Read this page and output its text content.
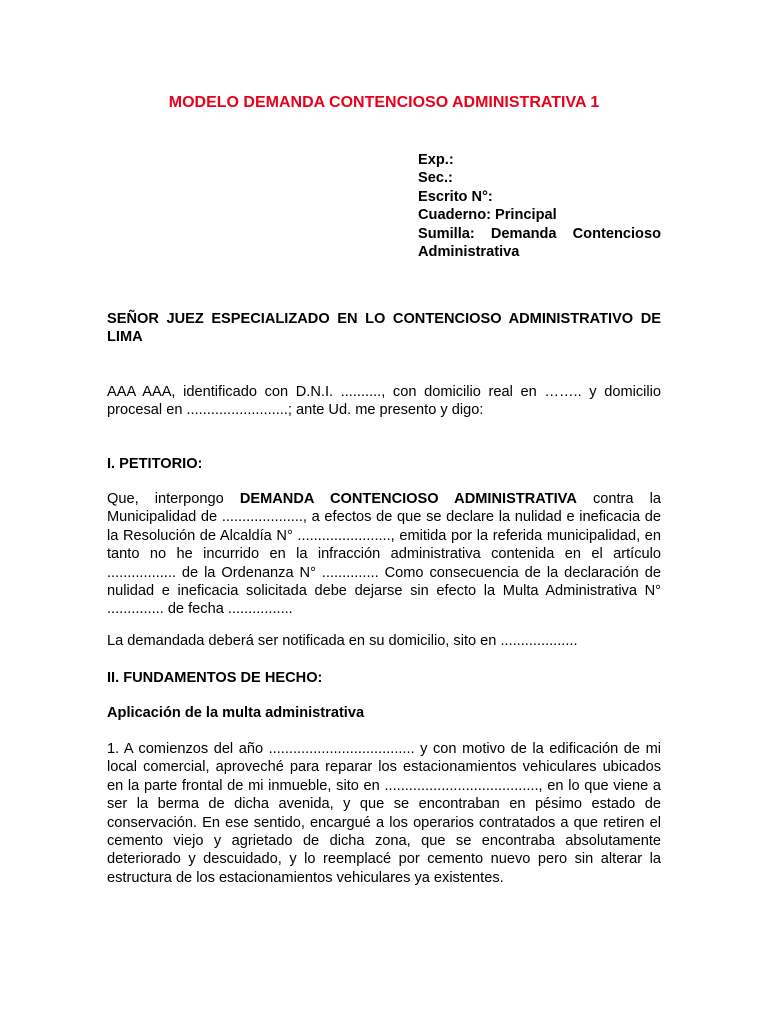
MODELO DEMANDA CONTENCIOSO ADMINISTRATIVA 1
Exp.:
Sec.:
Escrito N°:
Cuaderno: Principal
Sumilla: Demanda Contencioso
Administrativa
SEÑOR JUEZ ESPECIALIZADO EN LO CONTENCIOSO ADMINISTRATIVO DE LIMA
AAA AAA, identificado con D.N.I. .........., con domicilio real en …….. y domicilio procesal en .........................; ante Ud. me presento y digo:
I. PETITORIO:
Que, interpongo DEMANDA CONTENCIOSO ADMINISTRATIVA contra la Municipalidad de ...................., a efectos de que se declare la nulidad e ineficacia de la Resolución de Alcaldía N° ......................., emitida por la referida municipalidad, en tanto no he incurrido en la infracción administrativa contenida en el artículo ................. de la Ordenanza N° .............. Como consecuencia de la declaración de nulidad e ineficacia solicitada debe dejarse sin efecto la Multa Administrativa N° .............. de fecha ................
La demandada deberá ser notificada en su domicilio, sito en ...................
II. FUNDAMENTOS DE HECHO:
Aplicación de la multa administrativa
1. A comienzos del año .................................... y con motivo de la edificación de mi local comercial, aproveché para reparar los estacionamientos vehiculares ubicados en la parte frontal de mi inmueble, sito en ......................................, en lo que viene a ser la berma de dicha avenida, y que se encontraban en pésimo estado de conservación. En ese sentido, encargué a los operarios contratados a que retiren el cemento viejo y agrietado de dicha zona, que se encontraba absolutamente deteriorado y descuidado, y lo reemplacé por cemento nuevo pero sin alterar la estructura de los estacionamientos vehiculares ya existentes.
